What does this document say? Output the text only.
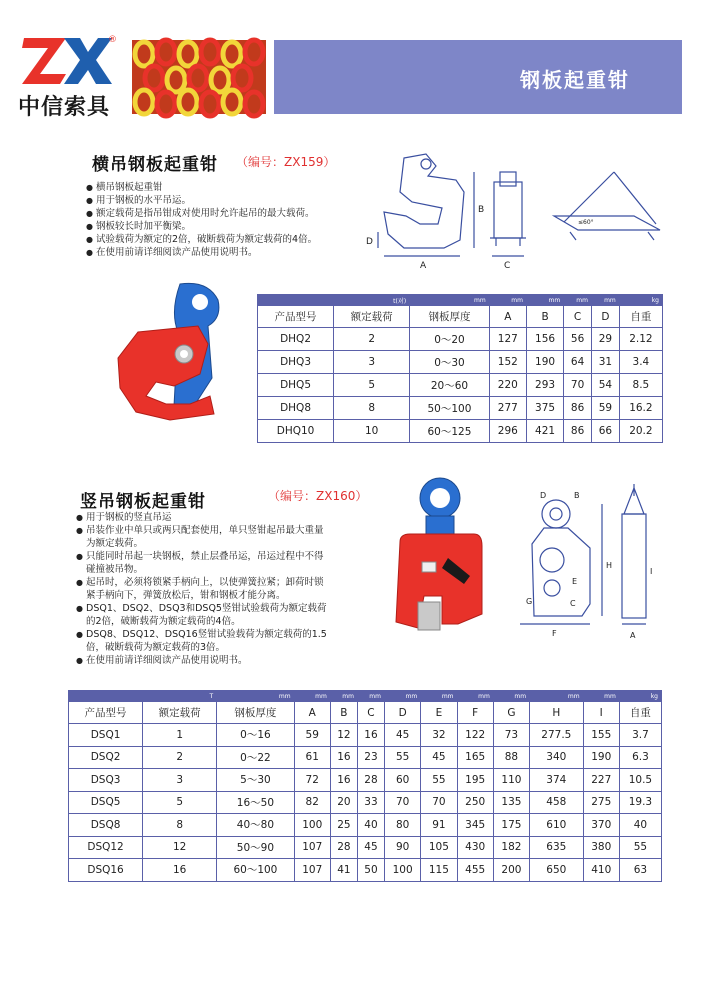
®
中信索具
钢板起重钳
横吊钢板起重钳 （编号：ZX159）
● 横吊钢板起重钳
● 用于钢板的水平吊运。
● 额定载荷是指吊钳成对使用时允许起吊的最大载荷。
● 钢板较长时加平衡梁。
● 试验载荷为额定的2倍，破断载荷为额定载荷的4倍。
● 在使用前请详细阅读产品使用说明书。
A
B
C
D
≤60°
	t(对)	mm	mm	mm	mm	mm	kg
产品型号	额定载荷	钢板厚度	A	B	C	D	自重
DHQ2	2	0～20	127	156	56	29	2.12
DHQ3	3	0～30	152	190	64	31	3.4
DHQ5	5	20～60	220	293	70	54	8.5
DHQ8	8	50～100	277	375	86	59	16.2
DHQ10	10	60～125	296	421	86	66	20.2
竖吊钢板起重钳	（编号：ZX160）
● 用于钢板的竖直吊运
● 吊装作业中单只或两只配套使用，单只竖钳起吊最大重量为额定载荷。
● 只能同时吊起一块钢板，禁止层叠吊运，吊运过程中不得碰撞被吊物。
● 起吊时，必须将锁紧手柄向上，以使弹簧拉紧；卸荷时锁紧手柄向下，弹簧放松后，钳和钢板才能分离。
● DSQ1、DSQ2、DSQ3和DSQ5竖钳试验载荷为额定载荷的2倍，破断载荷为额定载荷的4倍。
● DSQ8、DSQ12、DSQ16竖钳试验载荷为额定载荷的1.5倍，破断载荷为额定载荷的3倍。
● 在使用前请详细阅读产品使用说明书。
F
H
D	B
E
C
G
I
A
	T	mm	mm	mm	mm	mm	mm	mm	mm	mm	mm	kg
产品型号	额定载荷	钢板厚度	A	B	C	D	E	F	G	H	I	自重
DSQ1	1	0～16	59	12	16	45	32	122	73	277.5	155	3.7
DSQ2	2	0～22	61	16	23	55	45	165	88	340	190	6.3
DSQ3	3	5～30	72	16	28	60	55	195	110	374	227	10.5
DSQ5	5	16～50	82	20	33	70	70	250	135	458	275	19.3
DSQ8	8	40～80	100	25	40	80	91	345	175	610	370	40
DSQ12	12	50～90	107	28	45	90	105	430	182	635	380	55
DSQ16	16	60～100	107	41	50	100	115	455	200	650	410	63
